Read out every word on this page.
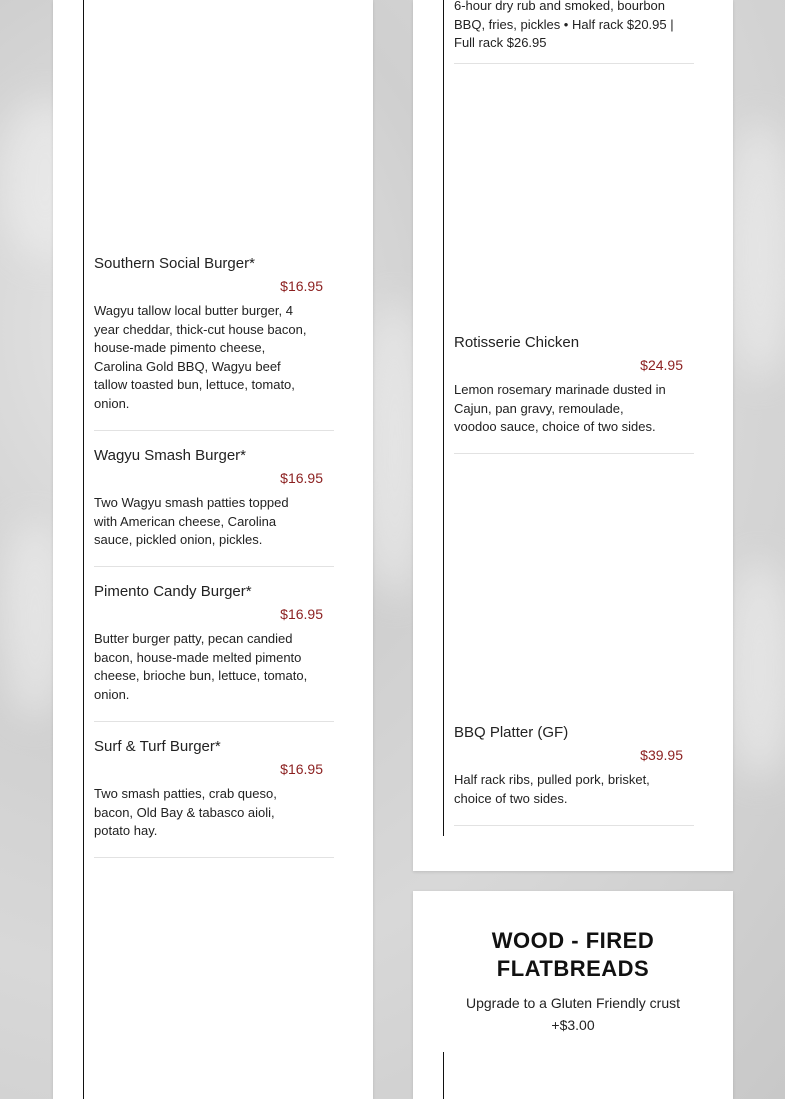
Southern Social Burger*
$16.95
Wagyu tallow local butter burger, 4 year cheddar, thick-cut house bacon, house-made pimento cheese, Carolina Gold BBQ, Wagyu beef tallow toasted bun, lettuce, tomato, onion.
Wagyu Smash Burger*
$16.95
Two Wagyu smash patties topped with American cheese, Carolina sauce, pickled onion, pickles.
Pimento Candy Burger*
$16.95
Butter burger patty, pecan candied bacon, house-made melted pimento cheese, brioche bun, lettuce, tomato, onion.
Surf & Turf Burger*
$16.95
Two smash patties, crab queso, bacon, Old Bay & tabasco aioli, potato hay.
6-hour dry rub and smoked, bourbon BBQ, fries, pickles • Half rack $20.95 | Full rack $26.95
Rotisserie Chicken
$24.95
Lemon rosemary marinade dusted in Cajun, pan gravy, remoulade, voodoo sauce, choice of two sides.
BBQ Platter (GF)
$39.95
Half rack ribs, pulled pork, brisket, choice of two sides.
WOOD - FIRED
FLATBREADS
Upgrade to a Gluten Friendly crust
+$3.00
